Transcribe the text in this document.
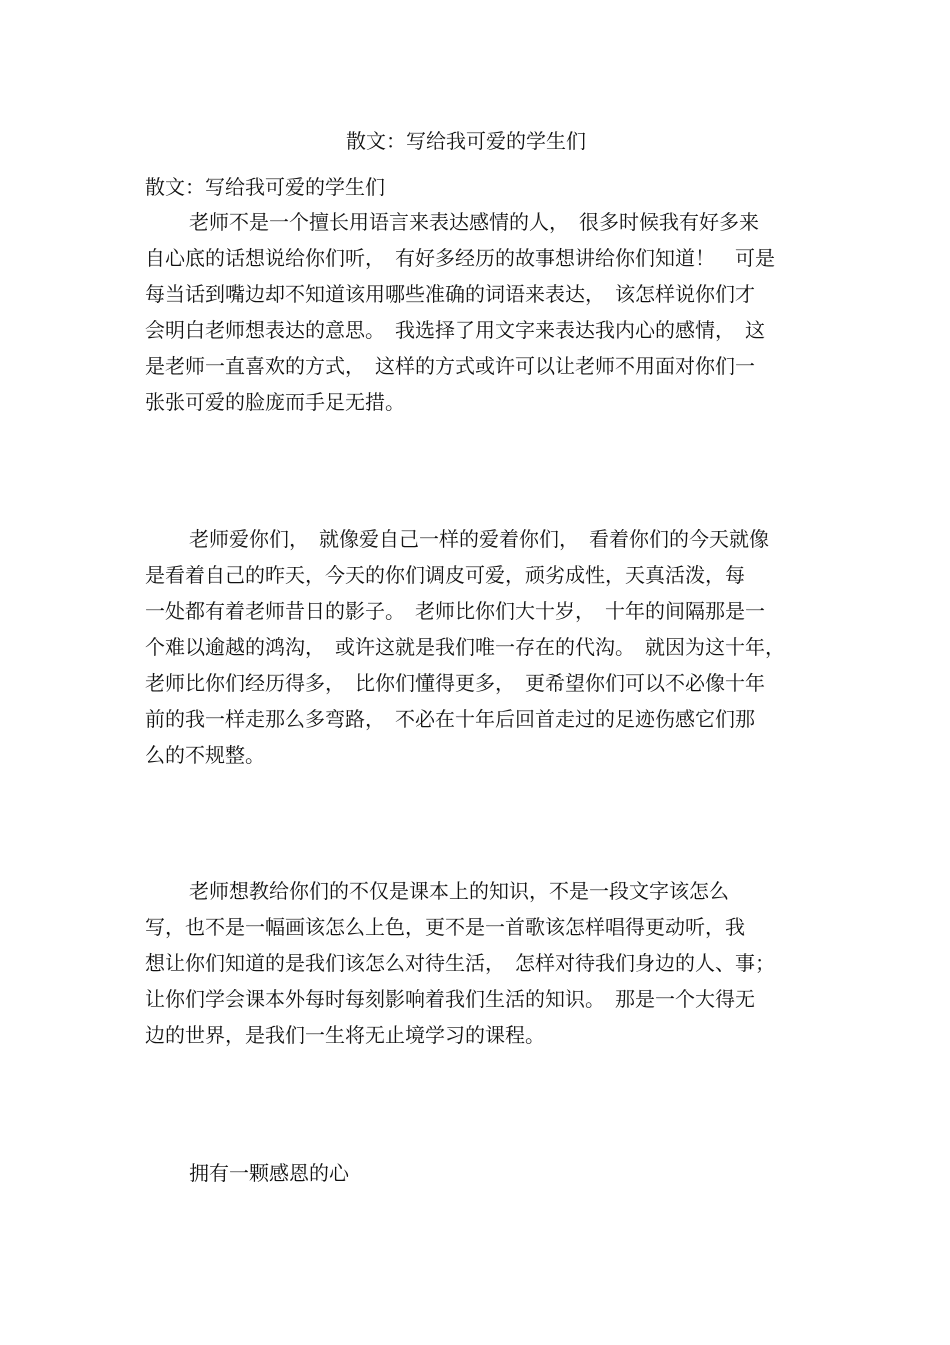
散文：写给我可爱的学生们
散文：写给我可爱的学生们
老师不是一个擅长用语言来表达感情的人，　很多时候我有好多来
自心底的话想说给你们听，　有好多经历的故事想讲给你们知道！　可是
每当话到嘴边却不知道该用哪些准确的词语来表达，　该怎样说你们才
会明白老师想表达的意思。　我选择了用文字来表达我内心的感情，　这
是老师一直喜欢的方式，　这样的方式或许可以让老师不用面对你们一
张张可爱的脸庞而手足无措。
老师爱你们，　就像爱自己一样的爱着你们，　看着你们的今天就像
是看着自己的昨天，今天的你们调皮可爱，顽劣成性，天真活泼，每
一处都有着老师昔日的影子。　老师比你们大十岁，　十年的间隔那是一
个难以逾越的鸿沟，　或许这就是我们唯一存在的代沟。　就因为这十年，
老师比你们经历得多，　比你们懂得更多，　更希望你们可以不必像十年
前的我一样走那么多弯路，　不必在十年后回首走过的足迹伤感它们那
么的不规整。
老师想教给你们的不仅是课本上的知识，不是一段文字该怎么
写，也不是一幅画该怎么上色，更不是一首歌该怎样唱得更动听，我
想让你们知道的是我们该怎么对待生活，　怎样对待我们身边的人、事；
让你们学会课本外每时每刻影响着我们生活的知识。　那是一个大得无
边的世界，是我们一生将无止境学习的课程。
拥有一颗感恩的心
